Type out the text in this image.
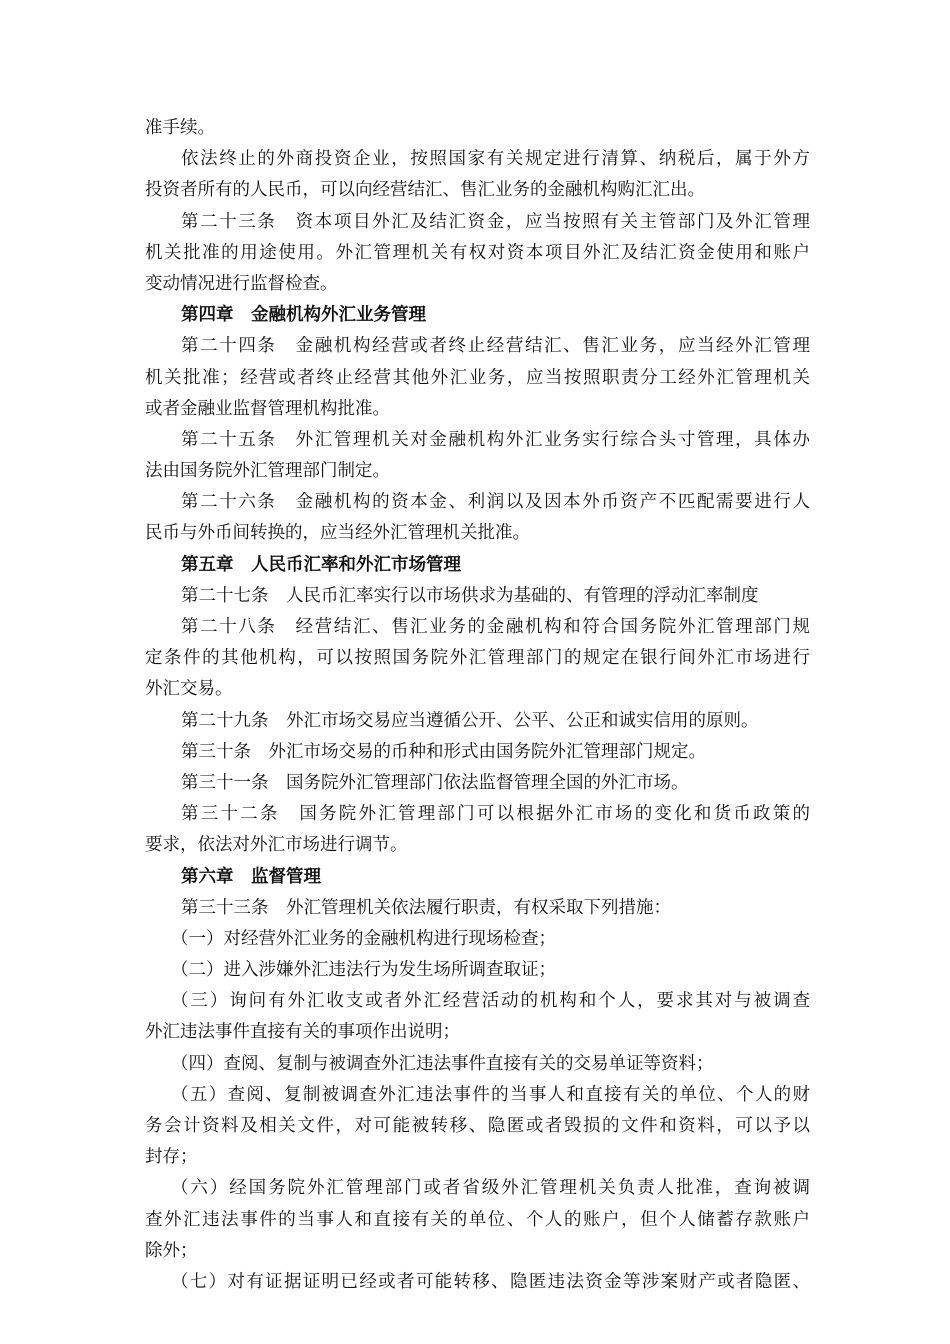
准手续。
依法终止的外商投资企业，按照国家有关规定进行清算、纳税后，属于外方
投资者所有的人民币，可以向经营结汇、售汇业务的金融机构购汇汇出。
第二十三条　资本项目外汇及结汇资金，应当按照有关主管部门及外汇管理
机关批准的用途使用。外汇管理机关有权对资本项目外汇及结汇资金使用和账户
变动情况进行监督检查。
第四章　金融机构外汇业务管理
第二十四条　金融机构经营或者终止经营结汇、售汇业务，应当经外汇管理
机关批准；经营或者终止经营其他外汇业务，应当按照职责分工经外汇管理机关
或者金融业监督管理机构批准。
第二十五条　外汇管理机关对金融机构外汇业务实行综合头寸管理，具体办
法由国务院外汇管理部门制定。
第二十六条　金融机构的资本金、利润以及因本外币资产不匹配需要进行人
民币与外币间转换的，应当经外汇管理机关批准。
第五章　人民币汇率和外汇市场管理
第二十七条　人民币汇率实行以市场供求为基础的、有管理的浮动汇率制度
第二十八条　经营结汇、售汇业务的金融机构和符合国务院外汇管理部门规
定条件的其他机构，可以按照国务院外汇管理部门的规定在银行间外汇市场进行
外汇交易。
第二十九条　外汇市场交易应当遵循公开、公平、公正和诚实信用的原则。
第三十条　外汇市场交易的币种和形式由国务院外汇管理部门规定。
第三十一条　国务院外汇管理部门依法监督管理全国的外汇市场。
第三十二条　国务院外汇管理部门可以根据外汇市场的变化和货币政策的
要求，依法对外汇市场进行调节。
第六章　监督管理
第三十三条　外汇管理机关依法履行职责，有权采取下列措施：
（一）对经营外汇业务的金融机构进行现场检查；
（二）进入涉嫌外汇违法行为发生场所调查取证；
（三）询问有外汇收支或者外汇经营活动的机构和个人，要求其对与被调查
外汇违法事件直接有关的事项作出说明；
（四）查阅、复制与被调查外汇违法事件直接有关的交易单证等资料；
（五）查阅、复制被调查外汇违法事件的当事人和直接有关的单位、个人的财
务会计资料及相关文件，对可能被转移、隐匿或者毁损的文件和资料，可以予以
封存；
（六）经国务院外汇管理部门或者省级外汇管理机关负责人批准，查询被调
查外汇违法事件的当事人和直接有关的单位、个人的账户，但个人储蓄存款账户
除外；
（七）对有证据证明已经或者可能转移、隐匿违法资金等涉案财产或者隐匿、
